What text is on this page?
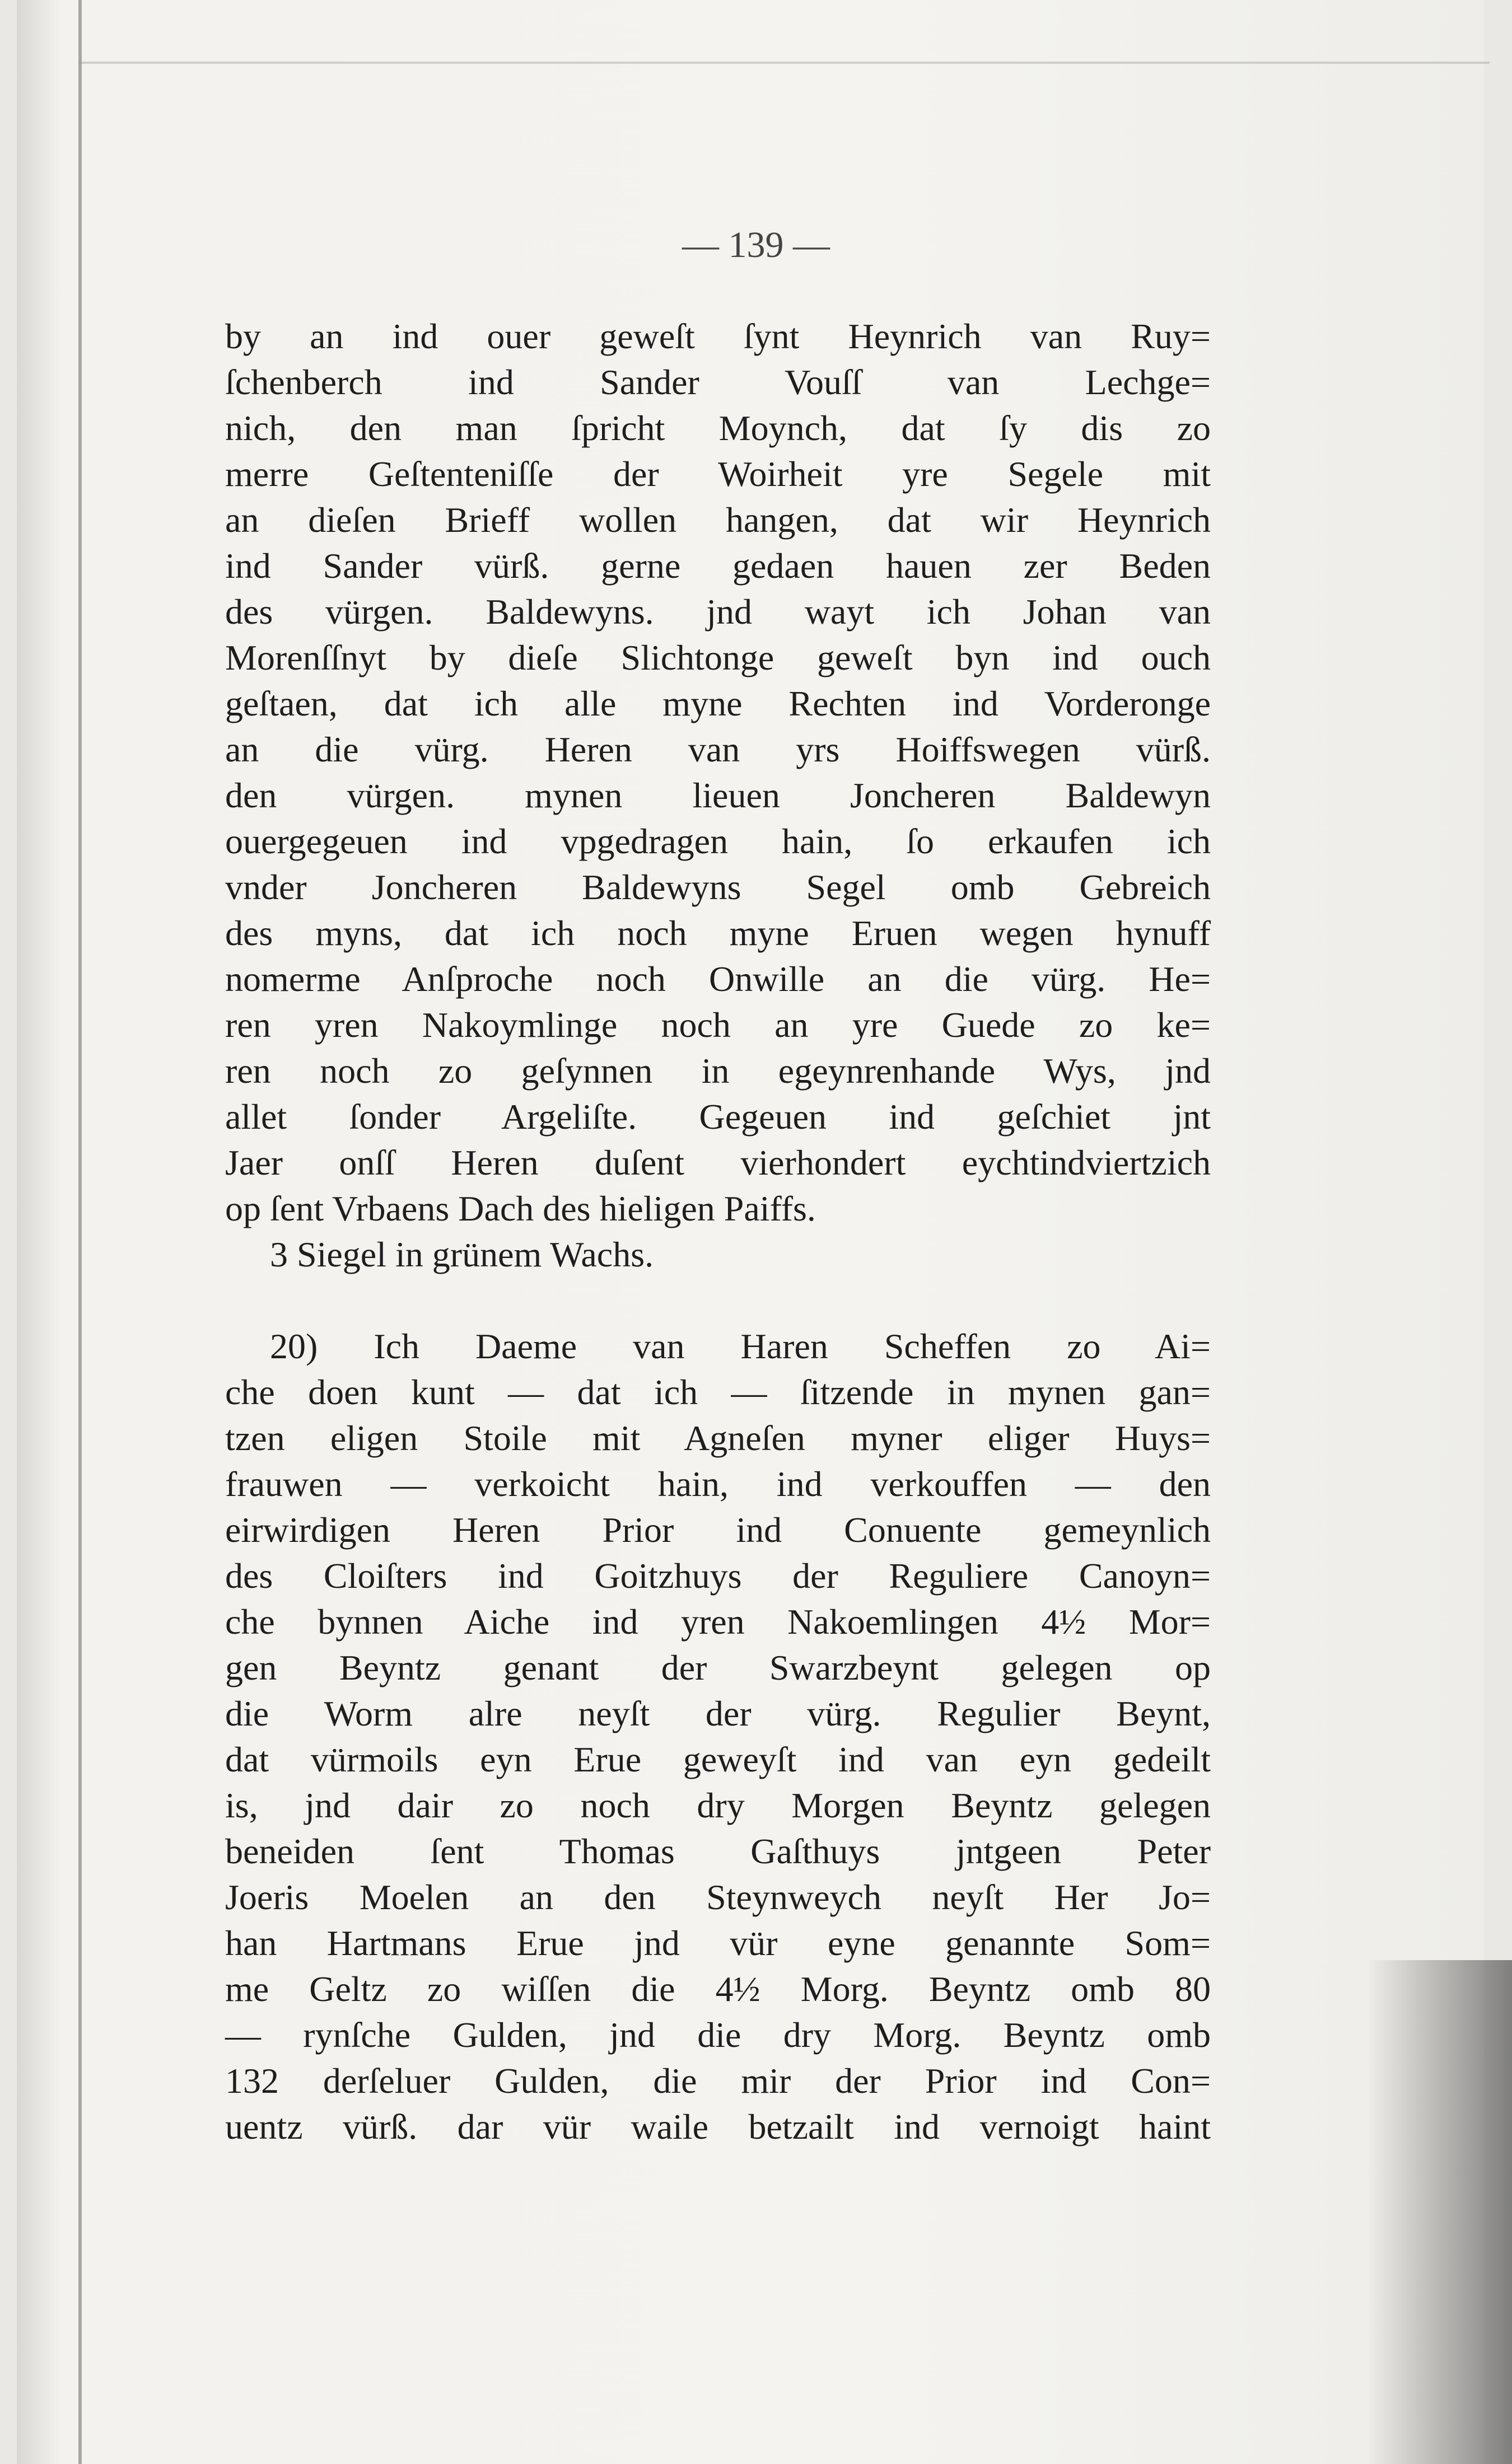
— 139 —
by an ind ouer geweſt ſynt Heynrich van Ruy=
ſchenberch ind Sander Vouſſ van Lechge=
nich, den man ſpricht Moynch, dat ſy dis zo
merre Geſtenteniſſe der Woirheit yre Segele mit
an dieſen Brieff wollen hangen, dat wir Heynrich
ind Sander vürß. gerne gedaen hauen zer Beden
des vürgen. Baldewyns. jnd wayt ich Johan van
Morenſſnyt by dieſe Slichtonge geweſt byn ind ouch
geſtaen, dat ich alle myne Rechten ind Vorderonge
an die vürg. Heren van yrs Hoiffswegen vürß.
den vürgen. mynen lieuen Joncheren Baldewyn
ouergegeuen ind vpgedragen hain, ſo erkaufen ich
vnder Joncheren Baldewyns Segel omb Gebreich
des myns, dat ich noch myne Eruen wegen hynuff
nomerme Anſproche noch Onwille an die vürg. He=
ren yren Nakoymlinge noch an yre Guede zo ke=
ren noch zo geſynnen in egeynrenhande Wys, jnd
allet ſonder Argeliſte. Gegeuen ind geſchiet jnt
Jaer onſſ Heren duſent vierhondert eychtindviertzich
op ſent Vrbaens Dach des hieligen Paiffs.
3 Siegel in grünem Wachs.
20) Ich Daeme van Haren Scheffen zo Ai=
che doen kunt — dat ich — ſitzende in mynen gan=
tzen eligen Stoile mit Agneſen myner eliger Huys=
frauwen — verkoicht hain, ind verkouffen — den
eirwirdigen Heren Prior ind Conuente gemeynlich
des Cloiſters ind Goitzhuys der Reguliere Canoyn=
che bynnen Aiche ind yren Nakoemlingen 4½ Mor=
gen Beyntz genant der Swarzbeynt gelegen op
die Worm alre neyſt der vürg. Regulier Beynt,
dat vürmoils eyn Erue geweyſt ind van eyn gedeilt
is, jnd dair zo noch dry Morgen Beyntz gelegen
beneiden ſent Thomas Gaſthuys jntgeen Peter
Joeris Moelen an den Steynweych neyſt Her Jo=
han Hartmans Erue jnd vür eyne genannte Som=
me Geltz zo wiſſen die 4½ Morg. Beyntz omb 80
— rynſche Gulden, jnd die dry Morg. Beyntz omb
132 derſeluer Gulden, die mir der Prior ind Con=
uentz vürß. dar vür waile betzailt ind vernoigt haint
